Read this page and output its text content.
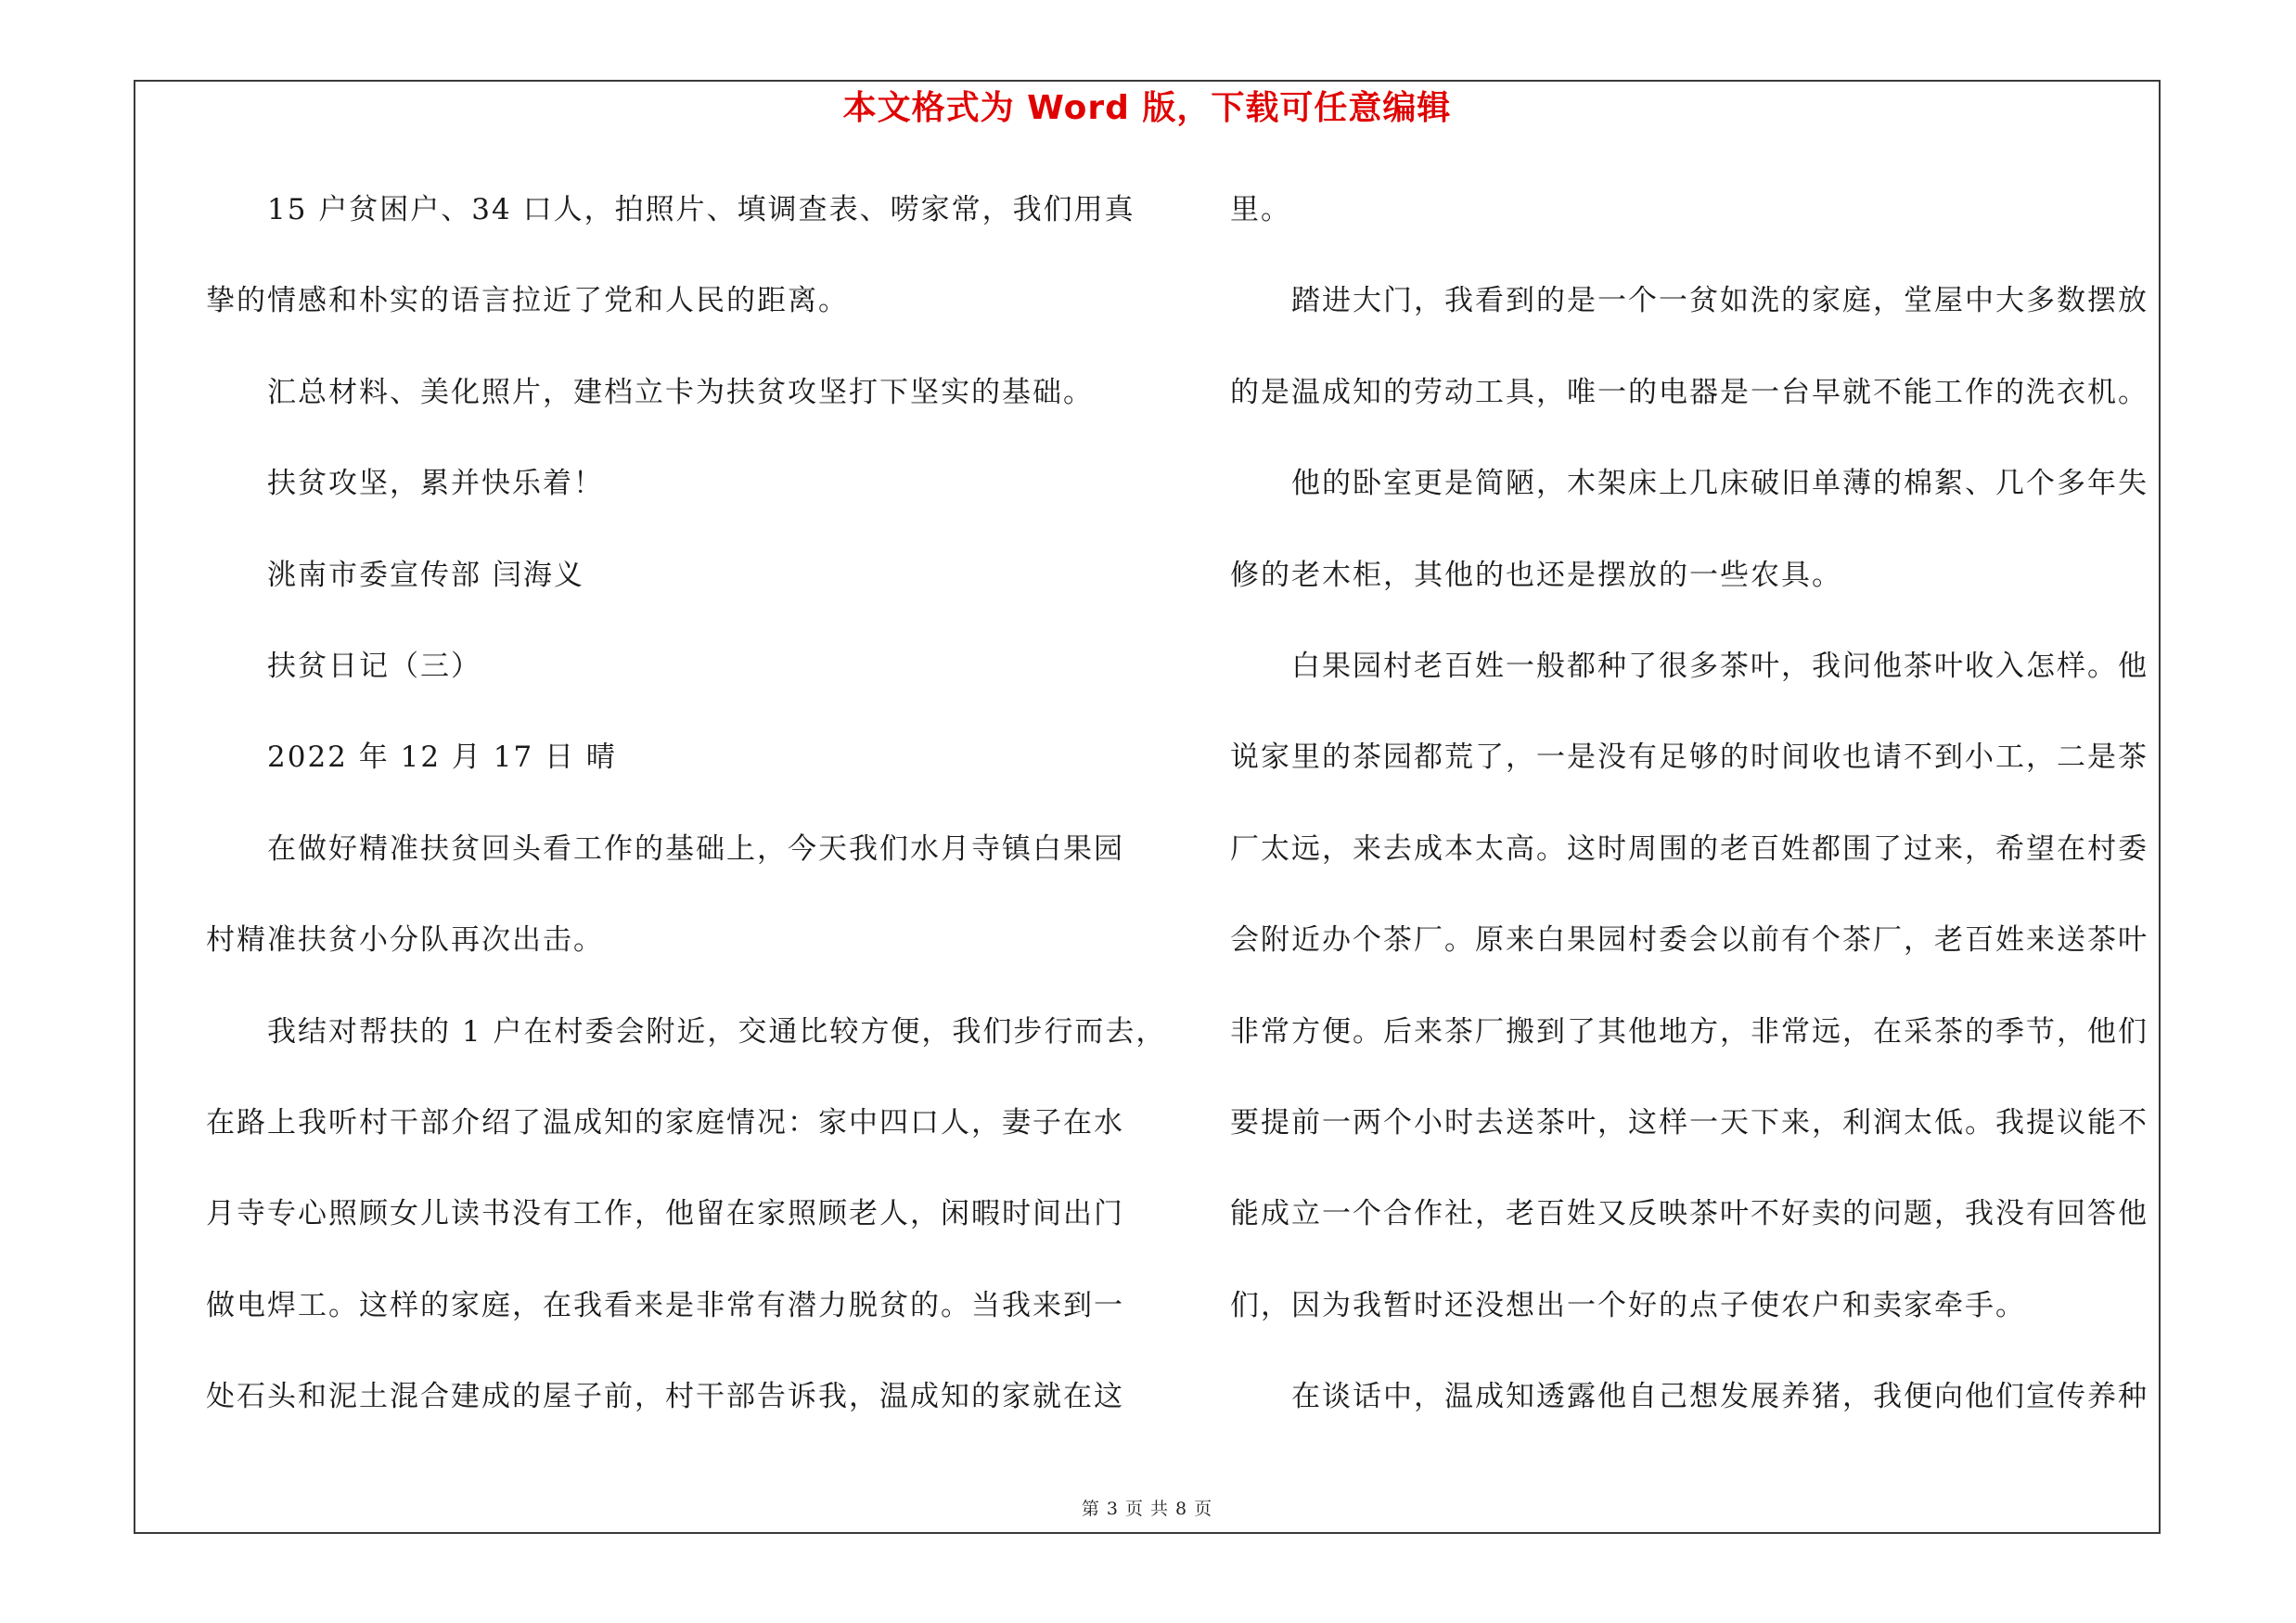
本文格式为 Word 版，下载可任意编辑
15 户贫困户、34 口人，拍照片、填调查表、唠家常，我们用真
挚的情感和朴实的语言拉近了党和人民的距离。
汇总材料、美化照片，建档立卡为扶贫攻坚打下坚实的基础。
扶贫攻坚，累并快乐着！
洮南市委宣传部 闫海义
扶贫日记（三）
2022 年 12 月 17 日 晴
在做好精准扶贫回头看工作的基础上，今天我们水月寺镇白果园
村精准扶贫小分队再次出击。
我结对帮扶的 1 户在村委会附近，交通比较方便，我们步行而去，
在路上我听村干部介绍了温成知的家庭情况：家中四口人，妻子在水
月寺专心照顾女儿读书没有工作，他留在家照顾老人，闲暇时间出门
做电焊工。这样的家庭，在我看来是非常有潜力脱贫的。当我来到一
处石头和泥土混合建成的屋子前，村干部告诉我，温成知的家就在这
里。
踏进大门，我看到的是一个一贫如洗的家庭，堂屋中大多数摆放
的是温成知的劳动工具，唯一的电器是一台早就不能工作的洗衣机。
他的卧室更是简陋，木架床上几床破旧单薄的棉絮、几个多年失
修的老木柜，其他的也还是摆放的一些农具。
白果园村老百姓一般都种了很多茶叶，我问他茶叶收入怎样。他
说家里的茶园都荒了，一是没有足够的时间收也请不到小工，二是茶
厂太远，来去成本太高。这时周围的老百姓都围了过来，希望在村委
会附近办个茶厂。原来白果园村委会以前有个茶厂，老百姓来送茶叶
非常方便。后来茶厂搬到了其他地方，非常远，在采茶的季节，他们
要提前一两个小时去送茶叶，这样一天下来，利润太低。我提议能不
能成立一个合作社，老百姓又反映茶叶不好卖的问题，我没有回答他
们，因为我暂时还没想出一个好的点子使农户和卖家牵手。
在谈话中，温成知透露他自己想发展养猪，我便向他们宣传养种
第 3 页 共 8 页
